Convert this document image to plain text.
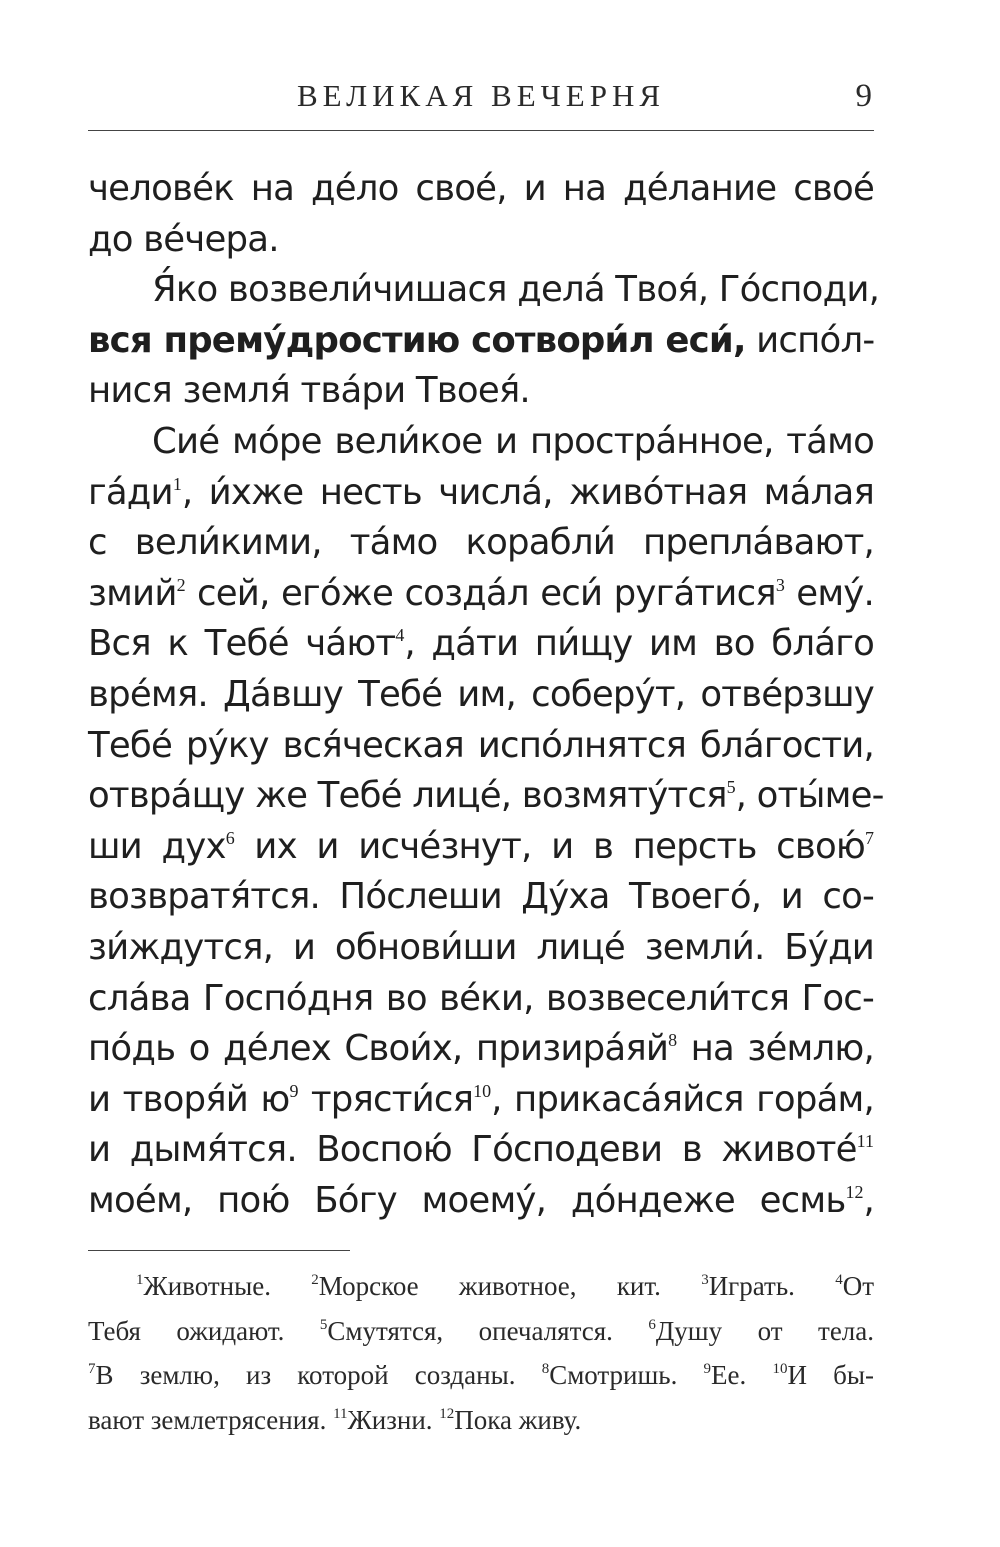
ВЕЛИКАЯ ВЕЧЕРНЯ	9
челове́к на де́ло свое́, и на де́лание свое́
до ве́чера.
Я́ко возвели́чишася дела́ Твоя́, Го́споди,
вся прему́дростию сотвори́л еси́, испо́л-
нися земля́ тва́ри Твоея́.
Сие́ мо́ре вели́кое и простра́нное, та́мо
$га́ди^1$, и́хже несть числа́, живо́тная ма́лая
с вели́кими, та́мо корабли́ препла́вают,
змий$^2$ сей, его́же созда́л еси́ руга́тися$^3$ ему́.
Вся к Тебе́ $ча́ют^4$, да́ти пи́щу им во бла́го
вре́мя. Да́вшу Тебе́ им, соберу́т, отве́рзшу
Тебе́ ру́ку вся́ческая испо́лнятся бла́гости,
отвра́щу же Тебе́ лице́, возмяту́тся$^5$, оты́ме-
ши дух$^6$ их и исче́знут, и в персть свою́$^7$
возвратя́тся. По́слеши Ду́ха Твоего́, и со-
зи́ждутся, и обнови́ши лице́ земли́. Бу́ди
сла́ва Госпо́дня во ве́ки, возвесели́тся Гос-
по́дь о де́лех Свои́х, $призира́яй^8$ на зе́млю,
и творя́й $ю^9$ $трясти́ся^{10}$, прикаса́яйся гора́м,
и дымя́тся. Воспою́ Го́сподеви в животе́$^{11}$
мое́м, пою́ Бо́гу моему́, до́ндеже есмь$^{12}$,
$^1$Животные.	$^2$Морское животное, кит.	$^3$Играть.	$^4$От
Тебя ожидают. $^5$Смутятся, опечалятся. $^6$Душу от тела.
$^7$В землю, из которой созданы. $^8$Смотришь. $^9$Ее. $^{10}$И бы-
вают землетрясения. $^{11}$Жизни. $^{12}$Пока живу.
